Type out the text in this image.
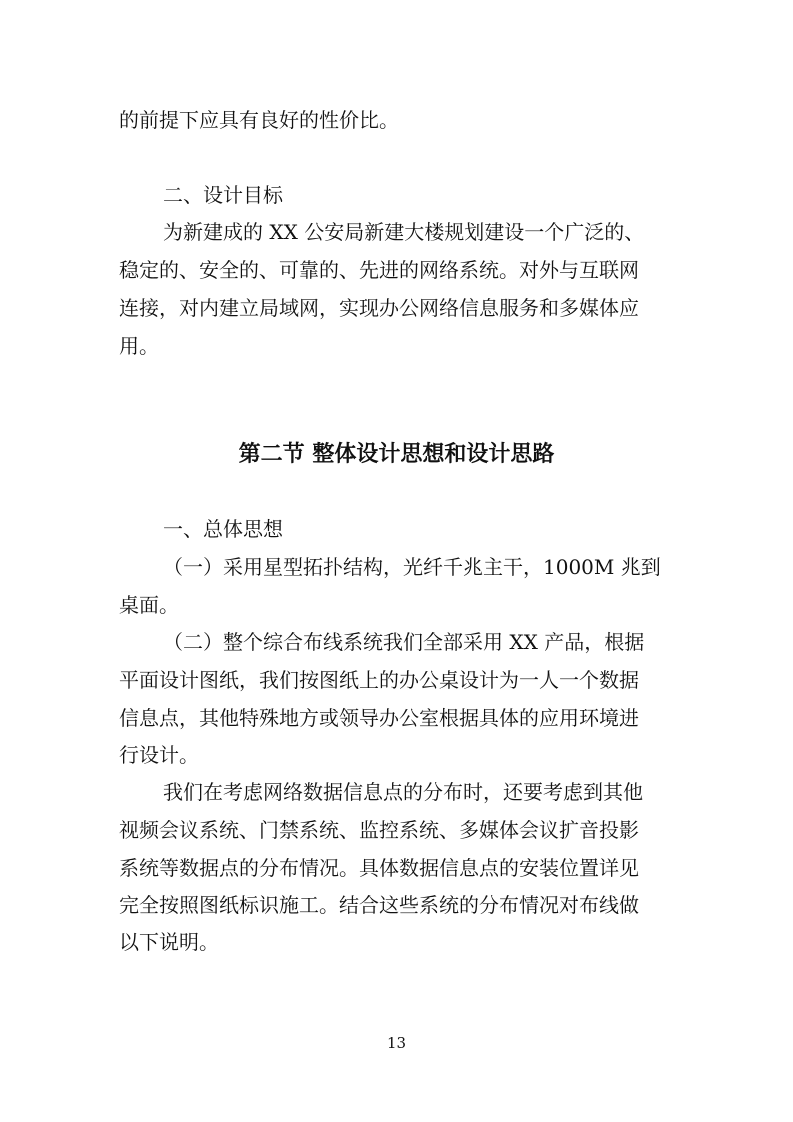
的前提下应具有良好的性价比。
二、设计目标
为新建成的 XX 公安局新建大楼规划建设一个广泛的、
稳定的、安全的、可靠的、先进的网络系统。对外与互联网
连接，对内建立局域网，实现办公网络信息服务和多媒体应
用。
第二节 整体设计思想和设计思路
一、总体思想
（一）采用星型拓扑结构，光纤千兆主干，1000M 兆到
桌面。
（二）整个综合布线系统我们全部采用 XX 产品，根据
平面设计图纸，我们按图纸上的办公桌设计为一人一个数据
信息点，其他特殊地方或领导办公室根据具体的应用环境进
行设计。
我们在考虑网络数据信息点的分布时，还要考虑到其他
视频会议系统、门禁系统、监控系统、多媒体会议扩音投影
系统等数据点的分布情况。具体数据信息点的安装位置详见
完全按照图纸标识施工。结合这些系统的分布情况对布线做
以下说明。
13
